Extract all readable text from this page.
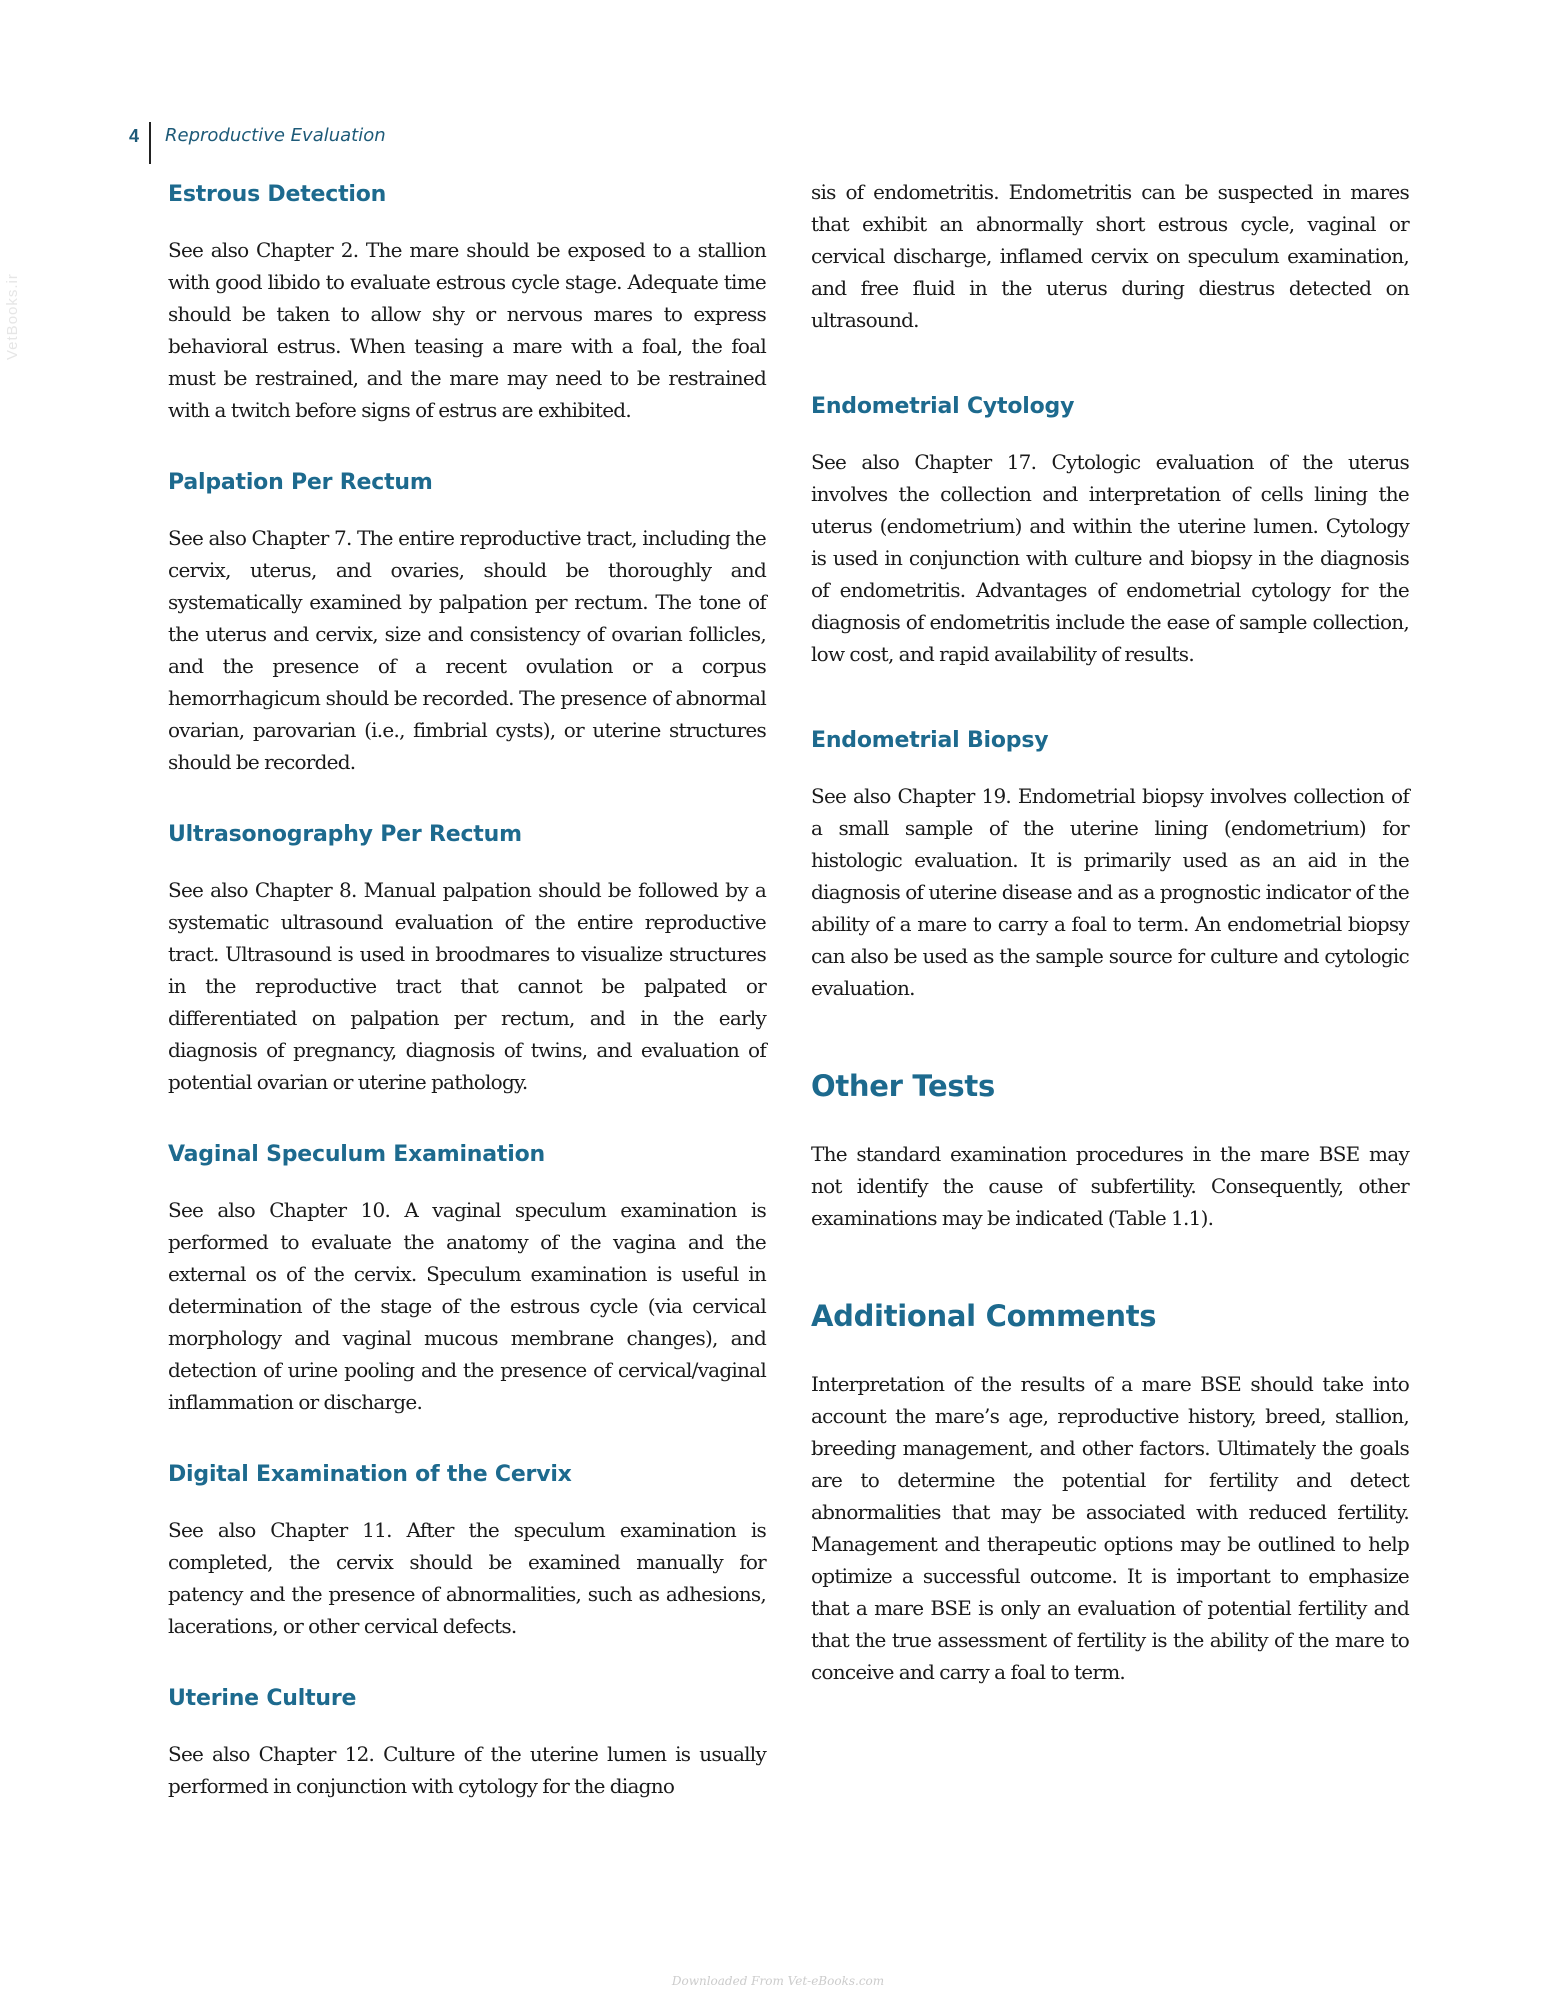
VetBooks.ir
4	Reproductive Evaluation
Estrous Detection

See also Chapter 2. The mare should be exposed to a stallion with good libido to evaluate estrous cycle stage. Adequate time should be taken to allow shy or nervous mares to express behavioral estrus. When teasing a mare with a foal, the foal must be restrained, and the mare may need to be restrained with a twitch before signs of estrus are exhibited.

Palpation Per Rectum

See also Chapter 7. The entire reproductive tract, including the cervix, uterus, and ovaries, should be thoroughly and systematically examined by palpation per rectum. The tone of the uterus and cervix, size and consistency of ovarian follicles, and the presence of a recent ovulation or a corpus hemorrhagicum should be recorded. The presence of abnormal ovarian, parovarian (i.e., fimbrial cysts), or uterine structures should be recorded.

Ultrasonography Per Rectum

See also Chapter 8. Manual palpation should be followed by a systematic ultrasound evaluation of the entire reproductive tract. Ultrasound is used in broodmares to visualize structures in the reproductive tract that cannot be palpated or differentiated on palpation per rectum, and in the early diagnosis of pregnancy, diagnosis of twins, and evaluation of potential ovarian or uterine pathology.

Vaginal Speculum Examination

See also Chapter 10. A vaginal speculum examination is performed to evaluate the anatomy of the vagina and the external os of the cervix. Speculum examination is useful in determination of the stage of the estrous cycle (via cervical morphology and vaginal mucous membrane changes), and detection of urine pooling and the presence of cervical/vaginal inflammation or discharge.

Digital Examination of the Cervix

See also Chapter 11. After the speculum examination is completed, the cervix should be examined manually for patency and the presence of abnormalities, such as adhesions, lacerations, or other cervical defects.

Uterine Culture

See also Chapter 12. Culture of the uterine lumen is usually performed in conjunction with cytology for the diagno

sis of endometritis. Endometritis can be suspected in mares that exhibit an abnormally short estrous cycle, vaginal or cervical discharge, inflamed cervix on speculum examination, and free fluid in the uterus during diestrus detected on ultrasound.

Endometrial Cytology

See also Chapter 17. Cytologic evaluation of the uterus involves the collection and interpretation of cells lining the uterus (endometrium) and within the uterine lumen. Cytology is used in conjunction with culture and biopsy in the diagnosis of endometritis. Advantages of endometrial cytology for the diagnosis of endometritis include the ease of sample collection, low cost, and rapid availability of results.

Endometrial Biopsy

See also Chapter 19. Endometrial biopsy involves collection of a small sample of the uterine lining (endometrium) for histologic evaluation. It is primarily used as an aid in the diagnosis of uterine disease and as a prognostic indicator of the ability of a mare to carry a foal to term. An endometrial biopsy can also be used as the sample source for culture and cytologic evaluation.

Other Tests

The standard examination procedures in the mare BSE may not identify the cause of subfertility. Consequently, other examinations may be indicated (Table 1.1).

Additional Comments

Interpretation of the results of a mare BSE should take into account the mare’s age, reproductive history, breed, stallion, breeding management, and other factors. Ultimately the goals are to determine the potential for fertility and detect abnormalities that may be associated with reduced fertility. Management and therapeutic options may be outlined to help optimize a successful outcome. It is important to emphasize that a mare BSE is only an evaluation of potential fertility and that the true assessment of fertility is the ability of the mare to conceive and carry a foal to term.

Downloaded From Vet-eBooks.com
